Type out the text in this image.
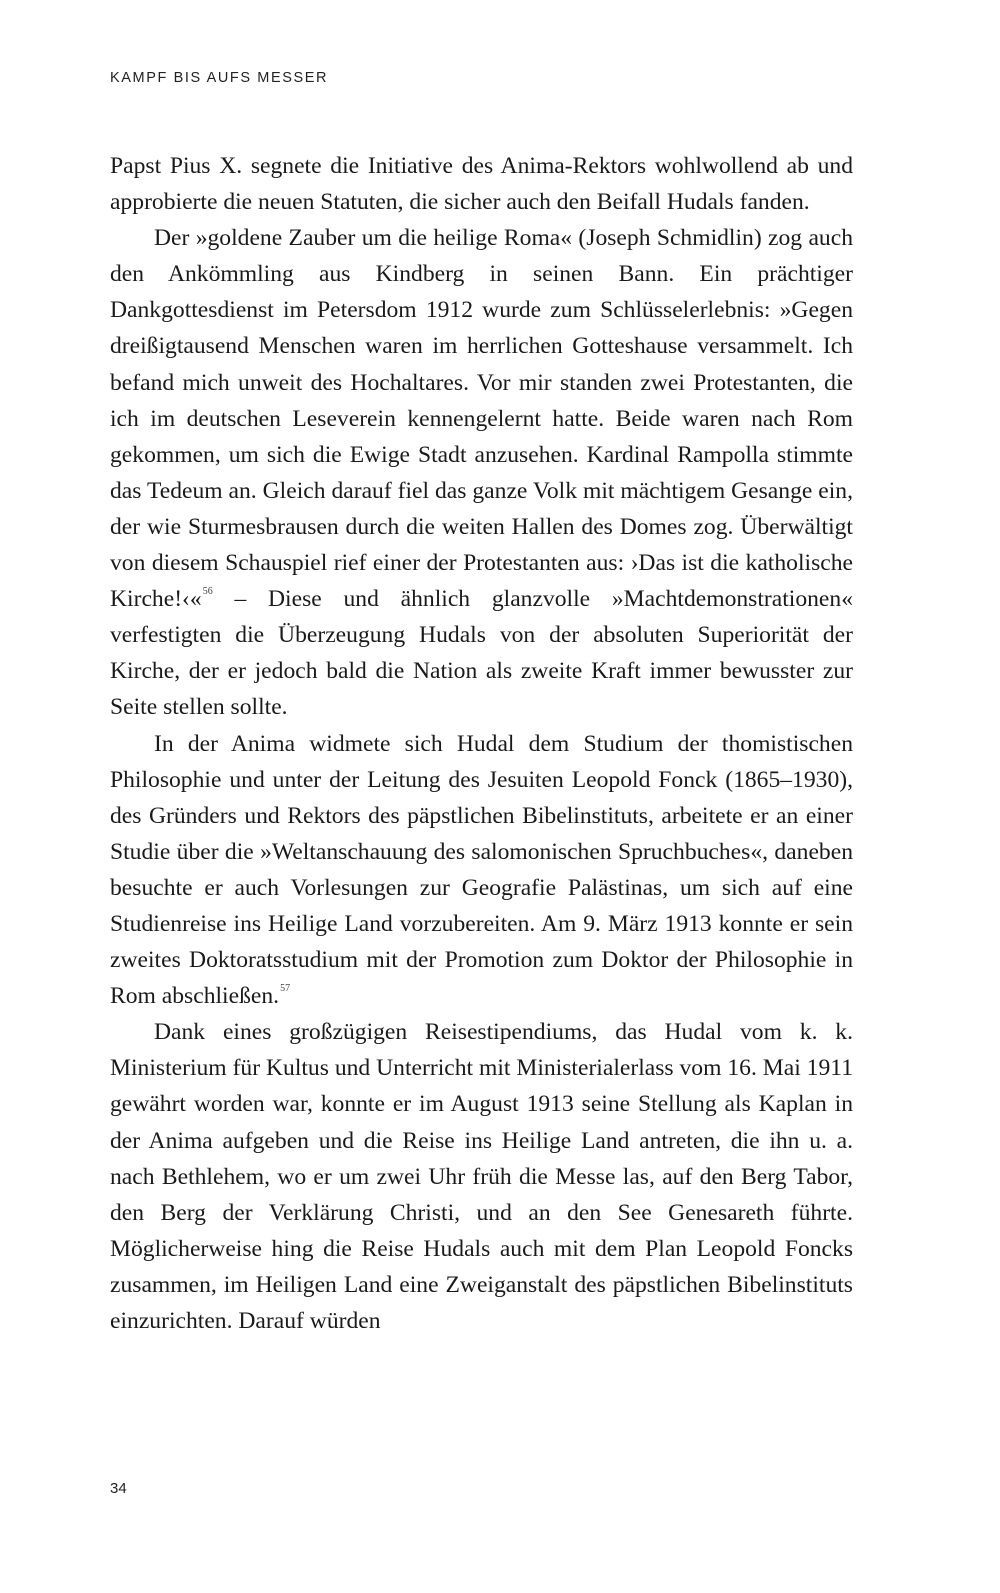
KAMPF BIS AUFS MESSER

Papst Pius X. segnete die Initiative des Anima-Rektors wohlwollend ab und approbierte die neuen Statuten, die sicher auch den Beifall Hudals fanden.

Der »goldene Zauber um die heilige Roma« (Joseph Schmidlin) zog auch den Ankömmling aus Kindberg in seinen Bann. Ein prächtiger Dankgottesdienst im Petersdom 1912 wurde zum Schlüsselerlebnis: »Gegen dreißigtausend Menschen waren im herrlichen Gotteshause versammelt. Ich befand mich unweit des Hochaltares. Vor mir standen zwei Protestanten, die ich im deutschen Leseverein kennengelernt hatte. Beide waren nach Rom gekommen, um sich die Ewige Stadt anzusehen. Kardinal Rampolla stimmte das Tedeum an. Gleich darauf fiel das ganze Volk mit mächtigem Gesange ein, der wie Sturmesbrausen durch die weiten Hallen des Domes zog. Überwältigt von diesem Schauspiel rief einer der Protestanten aus: ›Das ist die katholische Kirche!‹«$^{56}$ – Diese und ähnlich glanzvolle »Machtdemonstrationen« verfestigten die Überzeugung Hudals von der absoluten Superiorität der Kirche, der er jedoch bald die Nation als zweite Kraft immer bewusster zur Seite stellen sollte.

In der Anima widmete sich Hudal dem Studium der thomistischen Philosophie und unter der Leitung des Jesuiten Leopold Fonck (1865–1930), des Gründers und Rektors des päpstlichen Bibelinstituts, arbeitete er an einer Studie über die »Weltanschauung des salomonischen Spruchbuches«, daneben besuchte er auch Vorlesungen zur Geografie Palästinas, um sich auf eine Studienreise ins Heilige Land vorzubereiten. Am 9. März 1913 konnte er sein zweites Doktoratsstudium mit der Promotion zum Doktor der Philosophie in Rom abschließen.$^{57}$

Dank eines großzügigen Reisestipendiums, das Hudal vom k. k. Ministerium für Kultus und Unterricht mit Ministerialerlass vom 16. Mai 1911 gewährt worden war, konnte er im August 1913 seine Stellung als Kaplan in der Anima aufgeben und die Reise ins Heilige Land antreten, die ihn u. a. nach Bethlehem, wo er um zwei Uhr früh die Messe las, auf den Berg Tabor, den Berg der Verklärung Christi, und an den See Genesareth führte. Möglicherweise hing die Reise Hudals auch mit dem Plan Leopold Foncks zusammen, im Heiligen Land eine Zweiganstalt des päpstlichen Bibelinstituts einzurichten. Darauf würden

34
